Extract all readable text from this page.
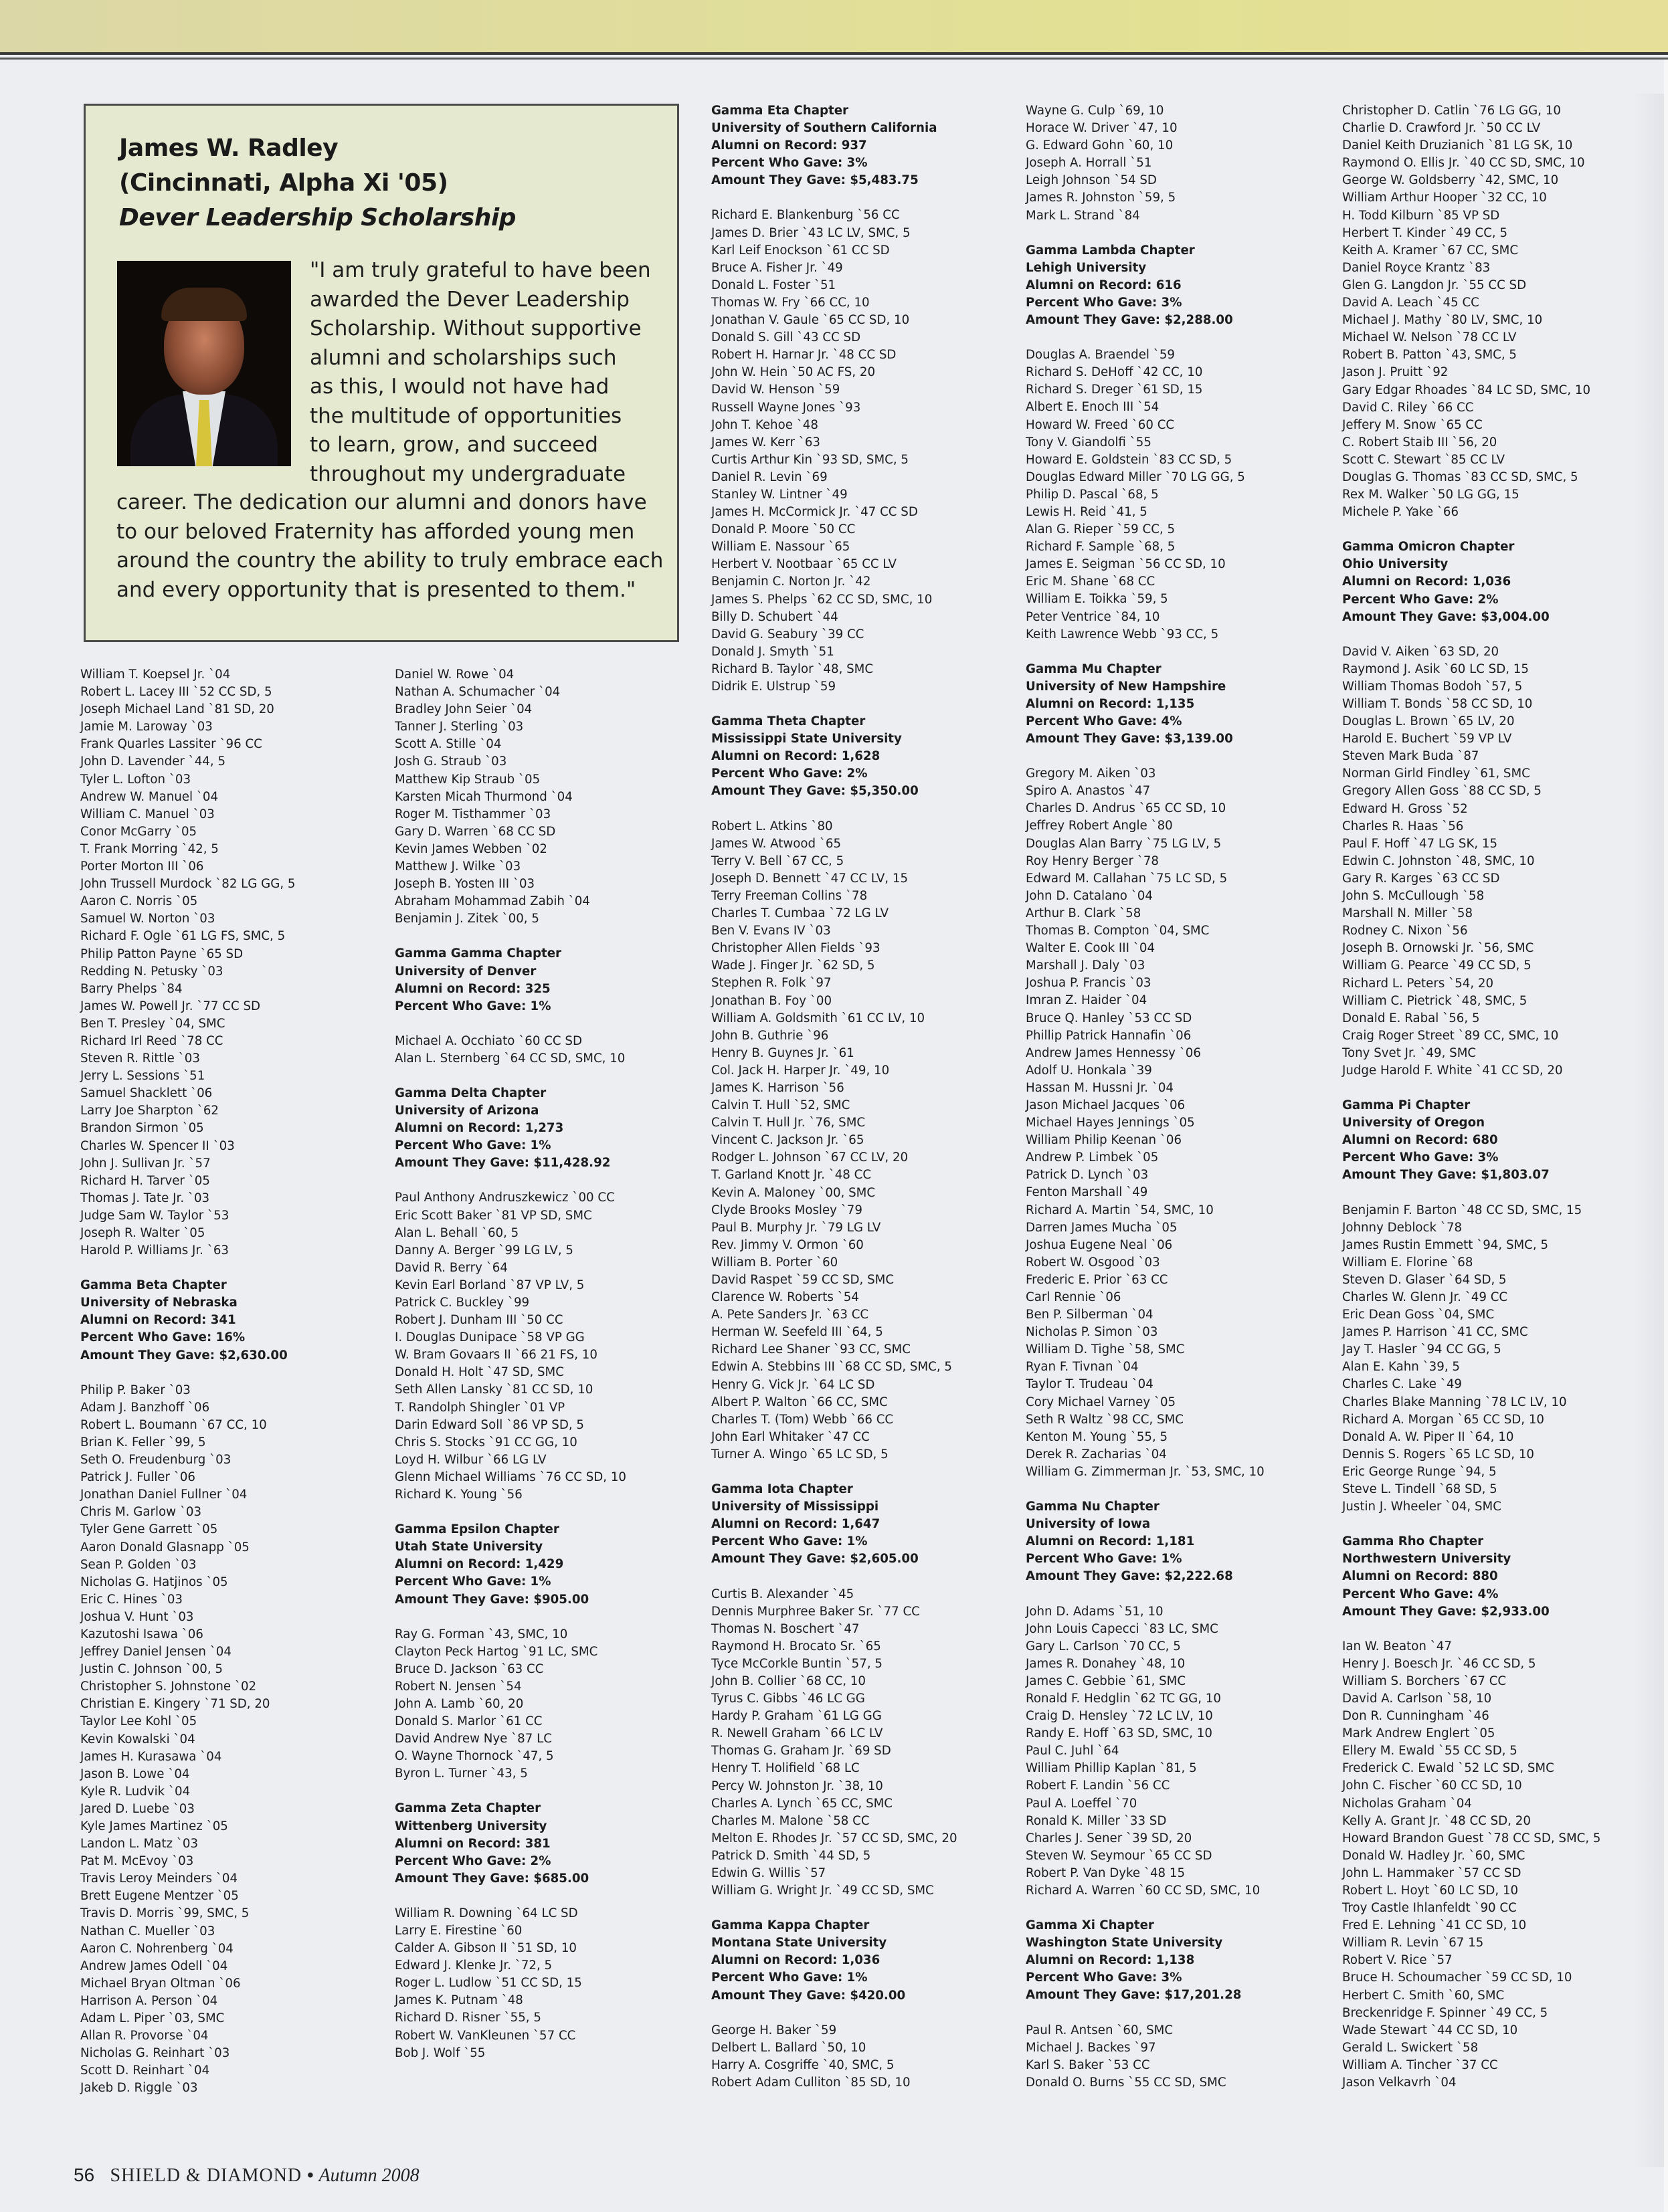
James W. Radley
(Cincinnati, Alpha Xi '05)
Dever Leadership Scholarship
"I am truly grateful to have been
awarded the Dever Leadership
Scholarship. Without supportive
alumni and scholarships such
as this, I would not have had
the multitude of opportunities
to learn, grow, and succeed
throughout my undergraduate
career. The dedication our alumni and donors have
to our beloved Fraternity has afforded young men
around the country the ability to truly embrace each
and every opportunity that is presented to them."
William T. Koepsel Jr. `04
Robert L. Lacey III `52 CC SD, 5
Joseph Michael Land `81 SD, 20
Jamie M. Laroway `03
Frank Quarles Lassiter `96 CC
John D. Lavender `44, 5
Tyler L. Lofton `03
Andrew W. Manuel `04
William C. Manuel `03
Conor McGarry `05
T. Frank Morring `42, 5
Porter Morton III `06
John Trussell Murdock `82 LG GG, 5
Aaron C. Norris `05
Samuel W. Norton `03
Richard F. Ogle `61 LG FS, SMC, 5
Philip Patton Payne `65 SD
Redding N. Petusky `03
Barry Phelps `84
James W. Powell Jr. `77 CC SD
Ben T. Presley `04, SMC
Richard Irl Reed `78 CC
Steven R. Rittle `03
Jerry L. Sessions `51
Samuel Shacklett `06
Larry Joe Sharpton `62
Brandon Sirmon `05
Charles W. Spencer II `03
John J. Sullivan Jr. `57
Richard H. Tarver `05
Thomas J. Tate Jr. `03
Judge Sam W. Taylor `53
Joseph R. Walter `05
Harold P. Williams Jr. `63
Gamma Beta Chapter
University of Nebraska
Alumni on Record: 341
Percent Who Gave: 16%
Amount They Gave: $2,630.00
Philip P. Baker `03
Adam J. Banzhoff `06
Robert L. Boumann `67 CC, 10
Brian K. Feller `99, 5
Seth O. Freudenburg `03
Patrick J. Fuller `06
Jonathan Daniel Fullner `04
Chris M. Garlow `03
Tyler Gene Garrett `05
Aaron Donald Glasnapp `05
Sean P. Golden `03
Nicholas G. Hatjinos `05
Eric C. Hines `03
Joshua V. Hunt `03
Kazutoshi Isawa `06
Jeffrey Daniel Jensen `04
Justin C. Johnson `00, 5
Christopher S. Johnstone `02
Christian E. Kingery `71 SD, 20
Taylor Lee Kohl `05
Kevin Kowalski `04
James H. Kurasawa `04
Jason B. Lowe `04
Kyle R. Ludvik `04
Jared D. Luebe `03
Kyle James Martinez `05
Landon L. Matz `03
Pat M. McEvoy `03
Travis Leroy Meinders `04
Brett Eugene Mentzer `05
Travis D. Morris `99, SMC, 5
Nathan C. Mueller `03
Aaron C. Nohrenberg `04
Andrew James Odell `04
Michael Bryan Oltman `06
Harrison A. Person `04
Adam L. Piper `03, SMC
Allan R. Provorse `04
Nicholas G. Reinhart `03
Scott D. Reinhart `04
Jakeb D. Riggle `03
Daniel W. Rowe `04
Nathan A. Schumacher `04
Bradley John Seier `04
Tanner J. Sterling `03
Scott A. Stille `04
Josh G. Straub `03
Matthew Kip Straub `05
Karsten Micah Thurmond `04
Roger M. Tisthammer `03
Gary D. Warren `68 CC SD
Kevin James Webben `02
Matthew J. Wilke `03
Joseph B. Yosten III `03
Abraham Mohammad Zabih `04
Benjamin J. Zitek `00, 5
Gamma Gamma Chapter
University of Denver
Alumni on Record: 325
Percent Who Gave: 1%
Michael A. Occhiato `60 CC SD
Alan L. Sternberg `64 CC SD, SMC, 10
Gamma Delta Chapter
University of Arizona
Alumni on Record: 1,273
Percent Who Gave: 1%
Amount They Gave: $11,428.92
Paul Anthony Andruszkewicz `00 CC
Eric Scott Baker `81 VP SD, SMC
Alan L. Behall `60, 5
Danny A. Berger `99 LG LV, 5
David R. Berry `64
Kevin Earl Borland `87 VP LV, 5
Patrick C. Buckley `99
Robert J. Dunham III `50 CC
I. Douglas Dunipace `58 VP GG
W. Bram Govaars II `66 21 FS, 10
Donald H. Holt `47 SD, SMC
Seth Allen Lansky `81 CC SD, 10
T. Randolph Shingler `01 VP
Darin Edward Soll `86 VP SD, 5
Chris S. Stocks `91 CC GG, 10
Loyd H. Wilbur `66 LG LV
Glenn Michael Williams `76 CC SD, 10
Richard K. Young `56
Gamma Epsilon Chapter
Utah State University
Alumni on Record: 1,429
Percent Who Gave: 1%
Amount They Gave: $905.00
Ray G. Forman `43, SMC, 10
Clayton Peck Hartog `91 LC, SMC
Bruce D. Jackson `63 CC
Robert N. Jensen `54
John A. Lamb `60, 20
Donald S. Marlor `61 CC
David Andrew Nye `87 LC
O. Wayne Thornock `47, 5
Byron L. Turner `43, 5
Gamma Zeta Chapter
Wittenberg University
Alumni on Record: 381
Percent Who Gave: 2%
Amount They Gave: $685.00
William R. Downing `64 LC SD
Larry E. Firestine `60
Calder A. Gibson II `51 SD, 10
Edward J. Klenke Jr. `72, 5
Roger L. Ludlow `51 CC SD, 15
James K. Putnam `48
Richard D. Risner `55, 5
Robert W. VanKleunen `57 CC
Bob J. Wolf `55
Gamma Eta Chapter
University of Southern California
Alumni on Record: 937
Percent Who Gave: 3%
Amount They Gave: $5,483.75
Richard E. Blankenburg `56 CC
James D. Brier `43 LC LV, SMC, 5
Karl Leif Enockson `61 CC SD
Bruce A. Fisher Jr. `49
Donald L. Foster `51
Thomas W. Fry `66 CC, 10
Jonathan V. Gaule `65 CC SD, 10
Donald S. Gill `43 CC SD
Robert H. Harnar Jr. `48 CC SD
John W. Hein `50 AC FS, 20
David W. Henson `59
Russell Wayne Jones `93
John T. Kehoe `48
James W. Kerr `63
Curtis Arthur Kin `93 SD, SMC, 5
Daniel R. Levin `69
Stanley W. Lintner `49
James H. McCormick Jr. `47 CC SD
Donald P. Moore `50 CC
William E. Nassour `65
Herbert V. Nootbaar `65 CC LV
Benjamin C. Norton Jr. `42
James S. Phelps `62 CC SD, SMC, 10
Billy D. Schubert `44
David G. Seabury `39 CC
Donald J. Smyth `51
Richard B. Taylor `48, SMC
Didrik E. Ulstrup `59
Gamma Theta Chapter
Mississippi State University
Alumni on Record: 1,628
Percent Who Gave: 2%
Amount They Gave: $5,350.00
Robert L. Atkins `80
James W. Atwood `65
Terry V. Bell `67 CC, 5
Joseph D. Bennett `47 CC LV, 15
Terry Freeman Collins `78
Charles T. Cumbaa `72 LG LV
Ben V. Evans IV `03
Christopher Allen Fields `93
Wade J. Finger Jr. `62 SD, 5
Stephen R. Folk `97
Jonathan B. Foy `00
William A. Goldsmith `61 CC LV, 10
John B. Guthrie `96
Henry B. Guynes Jr. `61
Col. Jack H. Harper Jr. `49, 10
James K. Harrison `56
Calvin T. Hull `52, SMC
Calvin T. Hull Jr. `76, SMC
Vincent C. Jackson Jr. `65
Rodger L. Johnson `67 CC LV, 20
T. Garland Knott Jr. `48 CC
Kevin A. Maloney `00, SMC
Clyde Brooks Mosley `79
Paul B. Murphy Jr. `79 LG LV
Rev. Jimmy V. Ormon `60
William B. Porter `60
David Raspet `59 CC SD, SMC
Clarence W. Roberts `54
A. Pete Sanders Jr. `63 CC
Herman W. Seefeld III `64, 5
Richard Lee Shaner `93 CC, SMC
Edwin A. Stebbins III `68 CC SD, SMC, 5
Henry G. Vick Jr. `64 LC SD
Albert P. Walton `66 CC, SMC
Charles T. (Tom) Webb `66 CC
John Earl Whitaker `47 CC
Turner A. Wingo `65 LC SD, 5
Gamma Iota Chapter
University of Mississippi
Alumni on Record: 1,647
Percent Who Gave: 1%
Amount They Gave: $2,605.00
Curtis B. Alexander `45
Dennis Murphree Baker Sr. `77 CC
Thomas N. Boschert `47
Raymond H. Brocato Sr. `65
Tyce McCorkle Buntin `57, 5
John B. Collier `68 CC, 10
Tyrus C. Gibbs `46 LC GG
Hardy P. Graham `61 LG GG
R. Newell Graham `66 LC LV
Thomas G. Graham Jr. `69 SD
Henry T. Holifield `68 LC
Percy W. Johnston Jr. `38, 10
Charles A. Lynch `65 CC, SMC
Charles M. Malone `58 CC
Melton E. Rhodes Jr. `57 CC SD, SMC, 20
Patrick D. Smith `44 SD, 5
Edwin G. Willis `57
William G. Wright Jr. `49 CC SD, SMC
Gamma Kappa Chapter
Montana State University
Alumni on Record: 1,036
Percent Who Gave: 1%
Amount They Gave: $420.00
George H. Baker `59
Delbert L. Ballard `50, 10
Harry A. Cosgriffe `40, SMC, 5
Robert Adam Culliton `85 SD, 10
Wayne G. Culp `69, 10
Horace W. Driver `47, 10
G. Edward Gohn `60, 10
Joseph A. Horrall `51
Leigh Johnson `54 SD
James R. Johnston `59, 5
Mark L. Strand `84
Gamma Lambda Chapter
Lehigh University
Alumni on Record: 616
Percent Who Gave: 3%
Amount They Gave: $2,288.00
Douglas A. Braendel `59
Richard S. DeHoff `42 CC, 10
Richard S. Dreger `61 SD, 15
Albert E. Enoch III `54
Howard W. Freed `60 CC
Tony V. Giandolfi `55
Howard E. Goldstein `83 CC SD, 5
Douglas Edward Miller `70 LG GG, 5
Philip D. Pascal `68, 5
Lewis H. Reid `41, 5
Alan G. Rieper `59 CC, 5
Richard F. Sample `68, 5
James E. Seigman `56 CC SD, 10
Eric M. Shane `68 CC
William E. Toikka `59, 5
Peter Ventrice `84, 10
Keith Lawrence Webb `93 CC, 5
Gamma Mu Chapter
University of New Hampshire
Alumni on Record: 1,135
Percent Who Gave: 4%
Amount They Gave: $3,139.00
Gregory M. Aiken `03
Spiro A. Anastos `47
Charles D. Andrus `65 CC SD, 10
Jeffrey Robert Angle `80
Douglas Alan Barry `75 LG LV, 5
Roy Henry Berger `78
Edward M. Callahan `75 LC SD, 5
John D. Catalano `04
Arthur B. Clark `58
Thomas B. Compton `04, SMC
Walter E. Cook III `04
Marshall J. Daly `03
Joshua P. Francis `03
Imran Z. Haider `04
Bruce Q. Hanley `53 CC SD
Phillip Patrick Hannafin `06
Andrew James Hennessy `06
Adolf U. Honkala `39
Hassan M. Hussni Jr. `04
Jason Michael Jacques `06
Michael Hayes Jennings `05
William Philip Keenan `06
Andrew P. Limbek `05
Patrick D. Lynch `03
Fenton Marshall `49
Richard A. Martin `54, SMC, 10
Darren James Mucha `05
Joshua Eugene Neal `06
Robert W. Osgood `03
Frederic E. Prior `63 CC
Carl Rennie `06
Ben P. Silberman `04
Nicholas P. Simon `03
William D. Tighe `58, SMC
Ryan F. Tivnan `04
Taylor T. Trudeau `04
Cory Michael Varney `05
Seth R Waltz `98 CC, SMC
Kenton M. Young `55, 5
Derek R. Zacharias `04
William G. Zimmerman Jr. `53, SMC, 10
Gamma Nu Chapter
University of Iowa
Alumni on Record: 1,181
Percent Who Gave: 1%
Amount They Gave: $2,222.68
John D. Adams `51, 10
John Louis Capecci `83 LC, SMC
Gary L. Carlson `70 CC, 5
James R. Donahey `48, 10
James C. Gebbie `61, SMC
Ronald F. Hedglin `62 TC GG, 10
Craig D. Hensley `72 LC LV, 10
Randy E. Hoff `63 SD, SMC, 10
Paul C. Juhl `64
William Phillip Kaplan `81, 5
Robert F. Landin `56 CC
Paul A. Loeffel `70
Ronald K. Miller `33 SD
Charles J. Sener `39 SD, 20
Steven W. Seymour `65 CC SD
Robert P. Van Dyke `48 15
Richard A. Warren `60 CC SD, SMC, 10
Gamma Xi Chapter
Washington State University
Alumni on Record: 1,138
Percent Who Gave: 3%
Amount They Gave: $17,201.28
Paul R. Antsen `60, SMC
Michael J. Backes `97
Karl S. Baker `53 CC
Donald O. Burns `55 CC SD, SMC
Christopher D. Catlin `76 LG GG, 10
Charlie D. Crawford Jr. `50 CC LV
Daniel Keith Druzianich `81 LG SK, 10
Raymond O. Ellis Jr. `40 CC SD, SMC, 10
George W. Goldsberry `42, SMC, 10
William Arthur Hooper `32 CC, 10
H. Todd Kilburn `85 VP SD
Herbert T. Kinder `49 CC, 5
Keith A. Kramer `67 CC, SMC
Daniel Royce Krantz `83
Glen G. Langdon Jr. `55 CC SD
David A. Leach `45 CC
Michael J. Mathy `80 LV, SMC, 10
Michael W. Nelson `78 CC LV
Robert B. Patton `43, SMC, 5
Jason J. Pruitt `92
Gary Edgar Rhoades `84 LC SD, SMC, 10
David C. Riley `66 CC
Jeffery M. Snow `65 CC
C. Robert Staib III `56, 20
Scott C. Stewart `85 CC LV
Douglas G. Thomas `83 CC SD, SMC, 5
Rex M. Walker `50 LG GG, 15
Michele P. Yake `66
Gamma Omicron Chapter
Ohio University
Alumni on Record: 1,036
Percent Who Gave: 2%
Amount They Gave: $3,004.00
David V. Aiken `63 SD, 20
Raymond J. Asik `60 LC SD, 15
William Thomas Bodoh `57, 5
William T. Bonds `58 CC SD, 10
Douglas L. Brown `65 LV, 20
Harold E. Buchert `59 VP LV
Steven Mark Buda `87
Norman Girld Findley `61, SMC
Gregory Allen Goss `88 CC SD, 5
Edward H. Gross `52
Charles R. Haas `56
Paul F. Hoff `47 LG SK, 15
Edwin C. Johnston `48, SMC, 10
Gary R. Karges `63 CC SD
John S. McCullough `58
Marshall N. Miller `58
Rodney C. Nixon `56
Joseph B. Ornowski Jr. `56, SMC
William G. Pearce `49 CC SD, 5
Richard L. Peters `54, 20
William C. Pietrick `48, SMC, 5
Donald E. Rabal `56, 5
Craig Roger Street `89 CC, SMC, 10
Tony Svet Jr. `49, SMC
Judge Harold F. White `41 CC SD, 20
Gamma Pi Chapter
University of Oregon
Alumni on Record: 680
Percent Who Gave: 3%
Amount They Gave: $1,803.07
Benjamin F. Barton `48 CC SD, SMC, 15
Johnny Deblock `78
James Rustin Emmett `94, SMC, 5
William E. Florine `68
Steven D. Glaser `64 SD, 5
Charles W. Glenn Jr. `49 CC
Eric Dean Goss `04, SMC
James P. Harrison `41 CC, SMC
Jay T. Hasler `94 CC GG, 5
Alan E. Kahn `39, 5
Charles C. Lake `49
Charles Blake Manning `78 LC LV, 10
Richard A. Morgan `65 CC SD, 10
Donald A. W. Piper II `64, 10
Dennis S. Rogers `65 LC SD, 10
Eric George Runge `94, 5
Steve L. Tindell `68 SD, 5
Justin J. Wheeler `04, SMC
Gamma Rho Chapter
Northwestern University
Alumni on Record: 880
Percent Who Gave: 4%
Amount They Gave: $2,933.00
Ian W. Beaton `47
Henry J. Boesch Jr. `46 CC SD, 5
William S. Borchers `67 CC
David A. Carlson `58, 10
Don R. Cunningham `46
Mark Andrew Englert `05
Ellery M. Ewald `55 CC SD, 5
Frederick C. Ewald `52 LC SD, SMC
John C. Fischer `60 CC SD, 10
Nicholas Graham `04
Kelly A. Grant Jr. `48 CC SD, 20
Howard Brandon Guest `78 CC SD, SMC, 5
Donald W. Hadley Jr. `60, SMC
John L. Hammaker `57 CC SD
Robert L. Hoyt `60 LC SD, 10
Troy Castle Ihlanfeldt `90 CC
Fred E. Lehning `41 CC SD, 10
William R. Levin `67 15
Robert V. Rice `57
Bruce H. Schoumacher `59 CC SD, 10
Herbert C. Smith `60, SMC
Breckenridge F. Spinner `49 CC, 5
Wade Stewart `44 CC SD, 10
Gerald L. Swickert `58
William A. Tincher `37 CC
Jason Velkavrh `04
56 SHIELD & DIAMOND • Autumn 2008
